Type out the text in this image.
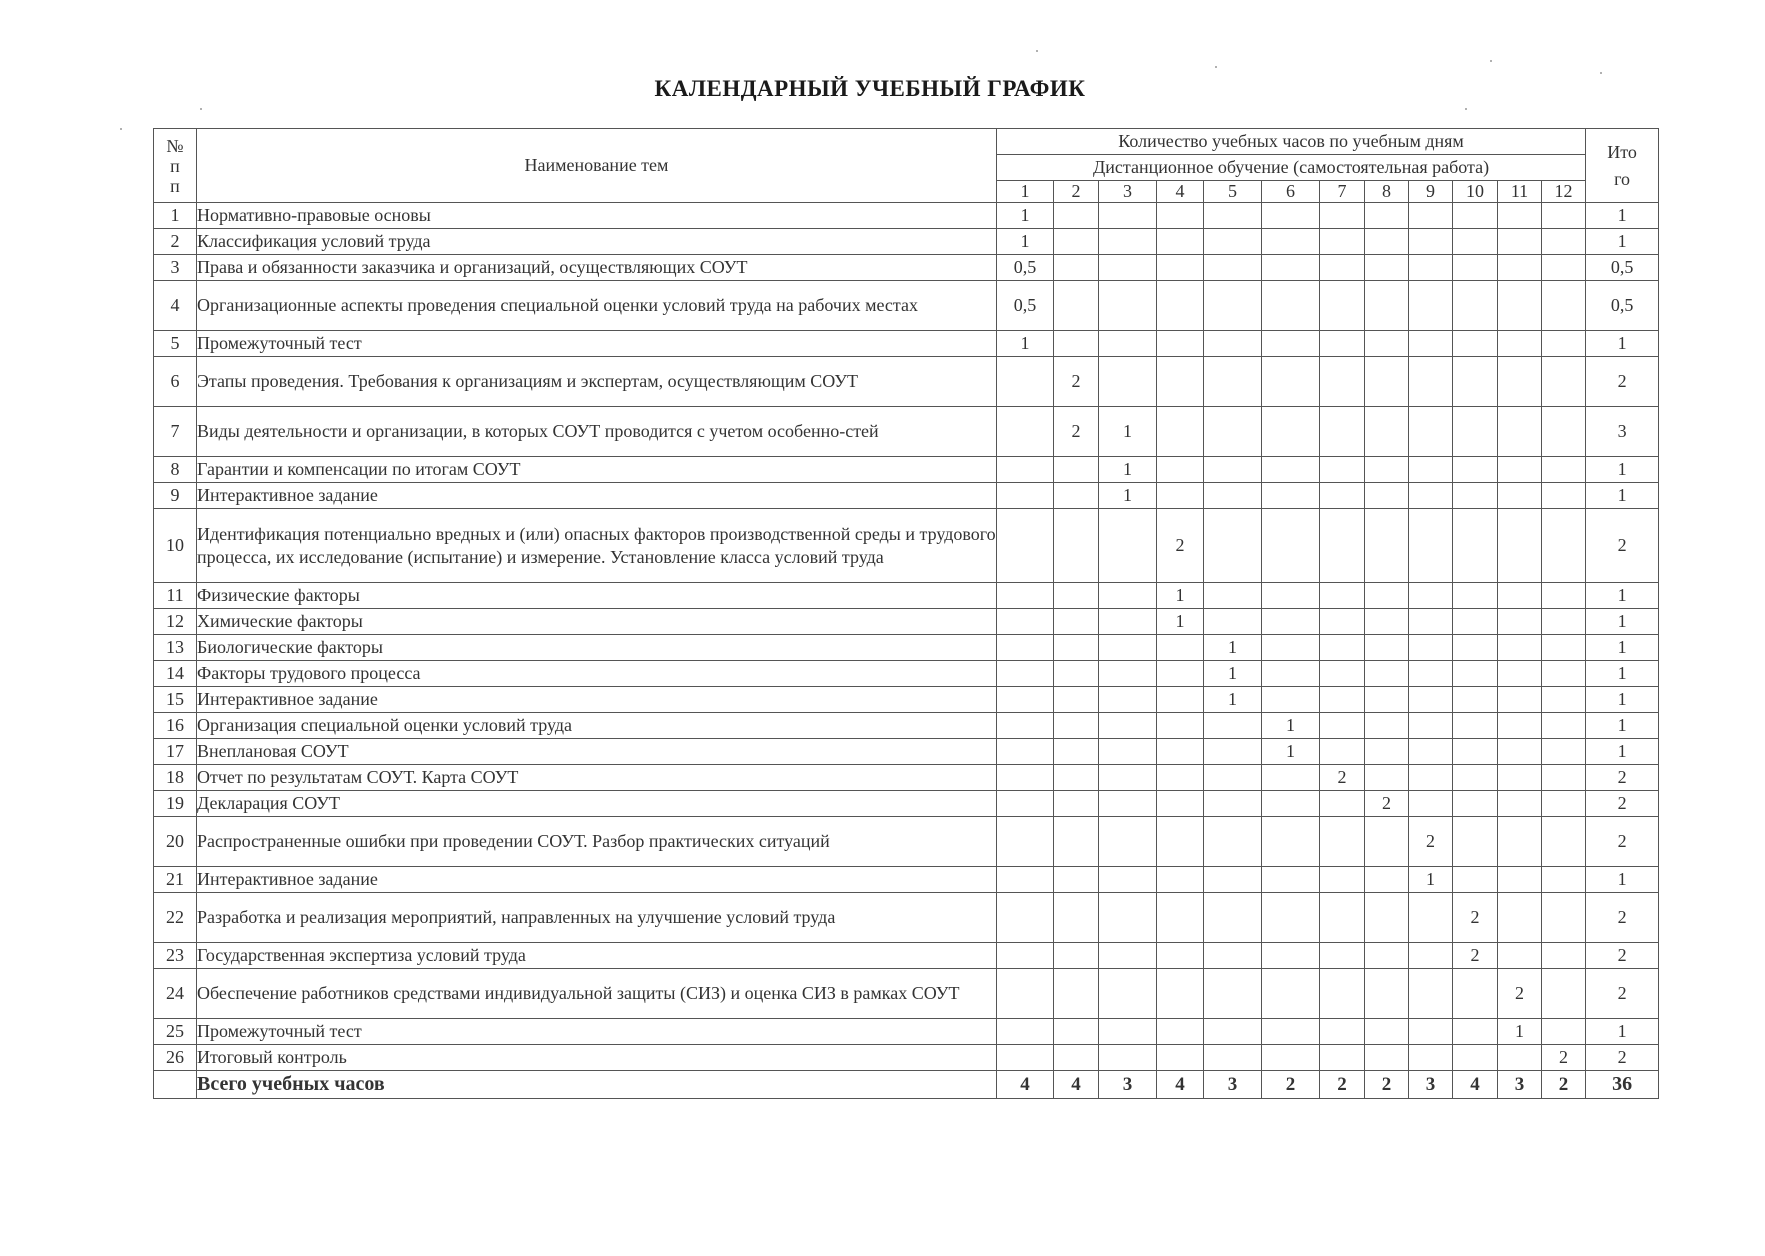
КАЛЕНДАРНЫЙ УЧЕБНЫЙ ГРАФИК
№
п
п	Наименование тем	Количество учебных часов по учебным дням												Ито
го
		Дистанционное обучение (самостоятельная работа)												
		1	2	3	4	5	6	7	8	9	10	11	12	
1	Нормативно-правовые основы	1												1
2	Классификация условий труда	1												1
3	Права и обязанности заказчика и организаций, осуществляющих СОУТ	0,5												0,5
4	Организационные аспекты проведения специальной оценки условий труда на рабочих местах	0,5												0,5
5	Промежуточный тест	1												1
6	Этапы проведения. Требования к организациям и экспертам, осуществляющим СОУТ		2											2
7	Виды деятельности и организации, в которых СОУТ проводится с учетом особенно-стей		2	1										3
8	Гарантии и компенсации по итогам СОУТ			1										1
9	Интерактивное задание			1										1
10	Идентификация потенциально вредных и (или) опасных факторов производственной среды и трудового процесса, их исследование (испытание) и измерение. Установление класса условий труда				2									2
11	Физические факторы				1									1
12	Химические факторы				1									1
13	Биологические факторы					1								1
14	Факторы трудового процесса					1								1
15	Интерактивное задание					1								1
16	Организация специальной оценки условий труда						1							1
17	Внеплановая СОУТ						1							1
18	Отчет по результатам СОУТ. Карта СОУТ							2						2
19	Декларация СОУТ								2					2
20	Распространенные ошибки при проведении СОУТ. Разбор практических ситуаций									2				2
21	Интерактивное задание									1				1
22	Разработка и реализация мероприятий, направленных на улучшение условий труда										2			2
23	Государственная экспертиза условий труда										2			2
24	Обеспечение работников средствами индивидуальной защиты (СИЗ) и оценка СИЗ в рамках СОУТ											2		2
25	Промежуточный тест											1		1
26	Итоговый контроль												2	2
	Всего учебных часов	4	4	3	4	3	2	2	2	3	4	3	2	36
